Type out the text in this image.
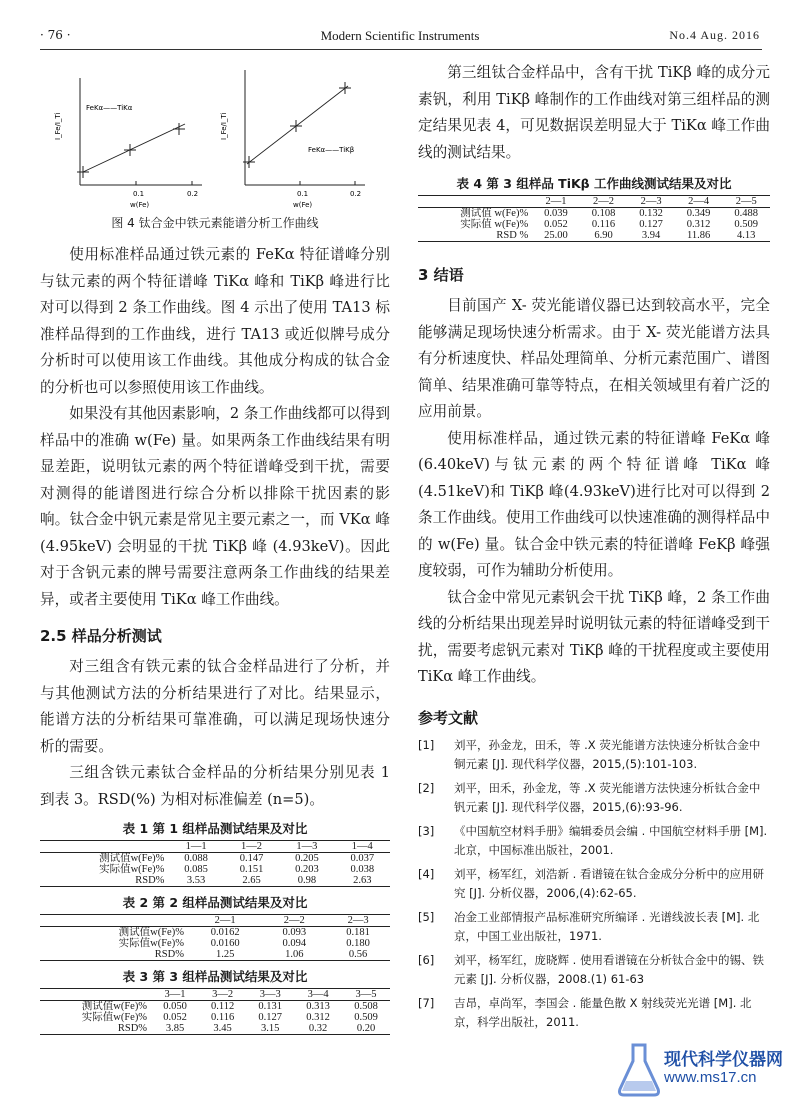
· 76 ·	Modern Scientific Instruments	No.4 Aug. 2016
FeKα——TiKα
I_Fe/I_Ti
0.1	0.2
w(Fe)
FeKα——TiKβ
I_Fe/I_Ti
0.1	0.2
w(Fe)
图 4 钛合金中铁元素能谱分析工作曲线

使用标准样品通过铁元素的 FeKα 特征谱峰分别与钛元素的两个特征谱峰 TiKα 峰和 TiKβ 峰进行比对可以得到 2 条工作曲线。图 4 示出了使用 TA13 标准样品得到的工作曲线，进行 TA13 或近似牌号成分分析时可以使用该工作曲线。其他成分构成的钛合金的分析也可以参照使用该工作曲线。

如果没有其他因素影响，2 条工作曲线都可以得到样品中的准确 w(Fe) 量。如果两条工作曲线结果有明显差距，说明钛元素的两个特征谱峰受到干扰，需要对测得的能谱图进行综合分析以排除干扰因素的影响。钛合金中钒元素是常见主要元素之一，而 VKα 峰 (4.95keV) 会明显的干扰 TiKβ 峰 (4.93keV)。因此对于含钒元素的牌号需要注意两条工作曲线的结果差异，或者主要使用 TiKα 峰工作曲线。

2.5 样品分析测试

对三组含有铁元素的钛合金样品进行了分析，并与其他测试方法的分析结果进行了对比。结果显示，能谱方法的分析结果可靠准确，可以满足现场快速分析的需要。

三组含铁元素钛合金样品的分析结果分别见表 1 到表 3。RSD(%) 为相对标准偏差 (n=5)。

表 1 第 1 组样品测试结果及对比
	1—1	1—2	1—3	1—4
测试值w(Fe)%	0.088	0.147	0.205	0.037
实际值w(Fe)%	0.085	0.151	0.203	0.038
RSD%	3.53	2.65	0.98	2.63
表 2 第 2 组样品测试结果及对比
	2—1	2—2	2—3
测试值w(Fe)%	0.0162	0.093	0.181
实际值w(Fe)%	0.0160	0.094	0.180
RSD%	1.25	1.06	0.56
表 3 第 3 组样品测试结果及对比
	3—1	3—2	3—3	3—4	3—5
测试值w(Fe)%	0.050	0.112	0.131	0.313	0.508
实际值w(Fe)%	0.052	0.116	0.127	0.312	0.509
RSD%	3.85	3.45	3.15	0.32	0.20

第三组钛合金样品中，含有干扰 TiKβ 峰的成分元素钒，利用 TiKβ 峰制作的工作曲线对第三组样品的测定结果见表 4，可见数据误差明显大于 TiKα 峰工作曲线的测试结果。

表 4 第 3 组样品 TiKβ 工作曲线测试结果及对比
	2—1	2—2	2—3	2—4	2—5
测试值 w(Fe)%	0.039	0.108	0.132	0.349	0.488
实际值 w(Fe)%	0.052	0.116	0.127	0.312	0.509
RSD %	25.00	6.90	3.94	11.86	4.13
3 结语

目前国产 X- 荧光能谱仪器已达到较高水平，完全能够满足现场快速分析需求。由于 X- 荧光能谱方法具有分析速度快、样品处理简单、分析元素范围广、谱图简单、结果准确可靠等特点，在相关领域里有着广泛的应用前景。

使用标准样品，通过铁元素的特征谱峰 FeKα 峰(6.40keV)与钛元素的两个特征谱峰 TiKα 峰(4.51keV)和 TiKβ 峰(4.93keV)进行比对可以得到 2 条工作曲线。使用工作曲线可以快速准确的测得样品中的 w(Fe) 量。钛合金中铁元素的特征谱峰 FeKβ 峰强度较弱，可作为辅助分析使用。

钛合金中常见元素钒会干扰 TiKβ 峰，2 条工作曲线的分析结果出现差异时说明钛元素的特征谱峰受到干扰，需要考虑钒元素对 TiKβ 峰的干扰程度或主要使用 TiKα 峰工作曲线。

参考文献
[1] 刘平，孙金龙，田禾，等 .X 荧光能谱方法快速分析钛合金中铜元素 [J]. 现代科学仪器，2015,(5):101-103.
[2] 刘平，田禾，孙金龙，等 .X 荧光能谱方法快速分析钛合金中钒元素 [J]. 现代科学仪器，2015,(6):93-96.
[3] 《中国航空材料手册》编辑委员会编 . 中国航空材料手册 [M]. 北京，中国标准出版社，2001.
[4] 刘平，杨军红，刘浩新 . 看谱镜在钛合金成分分析中的应用研究 [J]. 分析仪器，2006,(4):62-65.
[5] 冶金工业部情报产品标准研究所编译 . 光谱线波长表 [M]. 北京，中国工业出版社，1971.
[6] 刘平，杨军红，庞晓辉 . 使用看谱镜在分析钛合金中的锡、铁元素 [J]. 分析仪器，2008.(1) 61-63
[7] 吉昂，卓尚军，李国会 . 能量色散 X 射线荧光光谱 [M]. 北京，科学出版社，2011.
现代科学仪器网
www.ms17.cn
